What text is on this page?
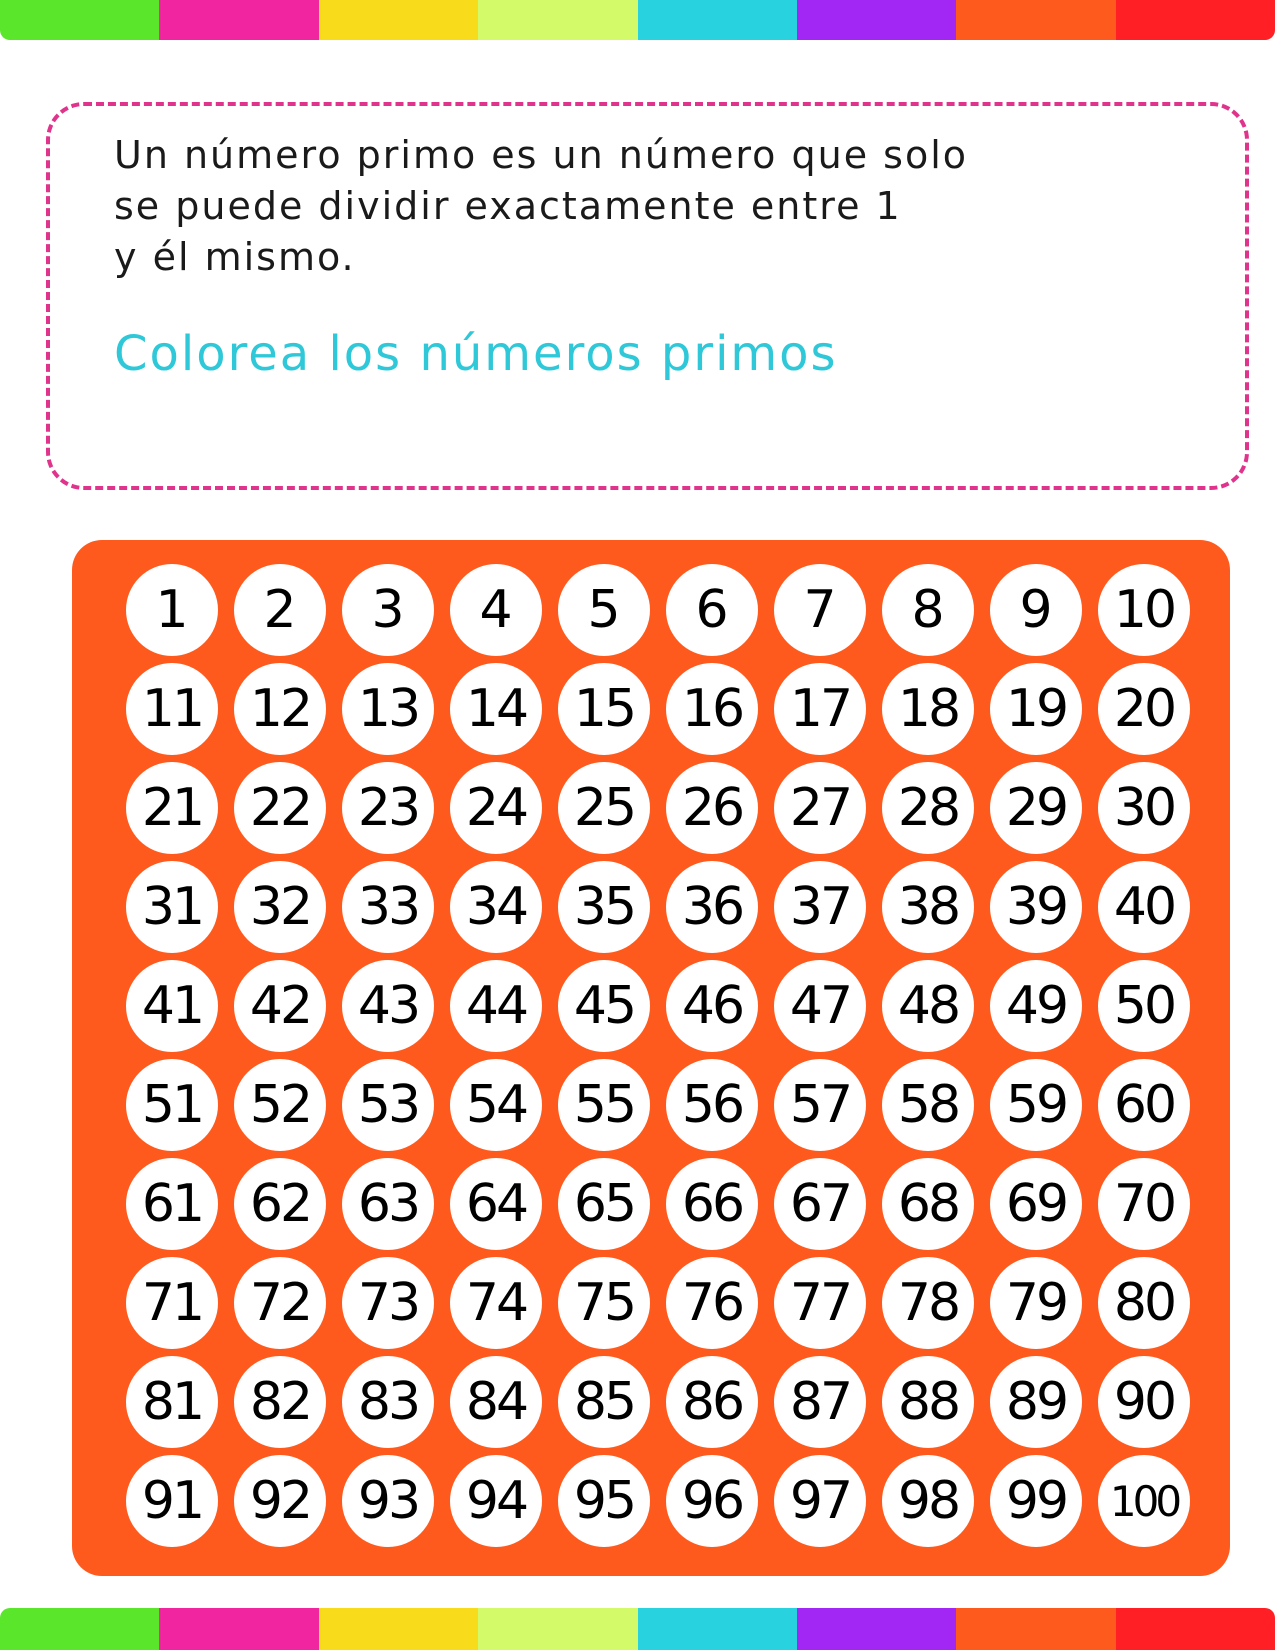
Un número primo es un número que solo
se puede dividir exactamente entre 1
y él mismo.
Colorea los números primos
1	2	3	4	5	6	7	8	9	10
11 12 13 14 15 16 17 18 19 20
21 22 23 24 25 26 27 28 29 30
31 32 33 34 35 36 37 38 39 40
41 42 43 44 45 46 47 48 49 50
51 52 53 54 55 56 57 58 59 60
61 62 63 64 65 66 67 68 69 70
71 72 73 74 75 76 77 78 79 80
81 82 83 84 85 86 87 88 89 90
91 92 93 94 95 96 97 98 99	100
